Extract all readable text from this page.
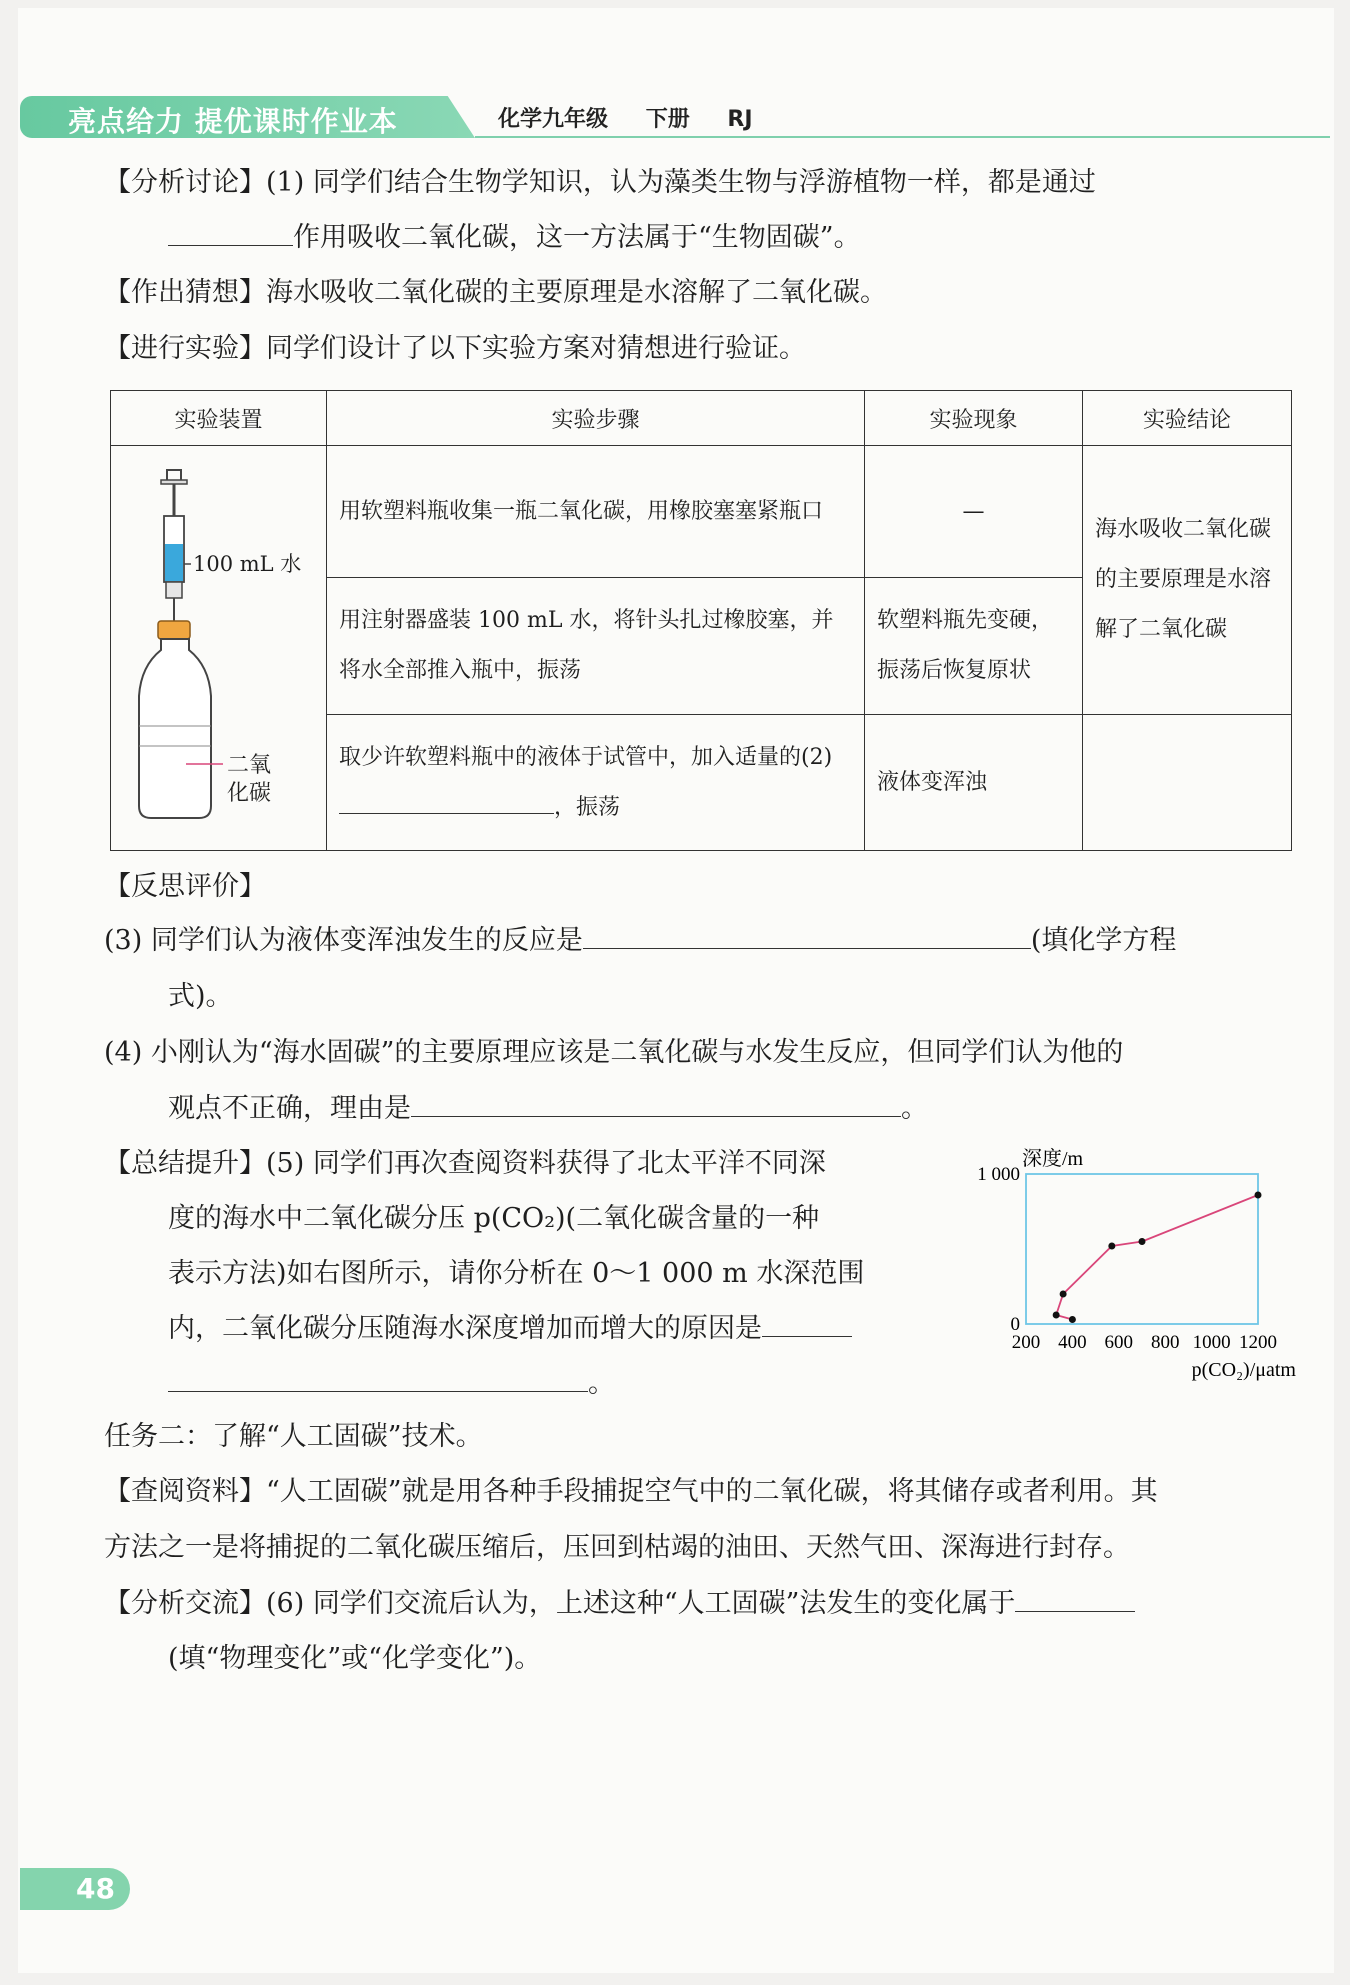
亮点给力 提优课时作业本	化学九年级 下册 RJ
【分析讨论】(1) 同学们结合生物学知识，认为藻类生物与浮游植物一样，都是通过
作用吸收二氧化碳，这一方法属于“生物固碳”。
【作出猜想】海水吸收二氧化碳的主要原理是水溶解了二氧化碳。
【进行实验】同学们设计了以下实验方案对猜想进行验证。
实验装置	实验步骤	实验现象	实验结论

100 mL 水
二氧
化碳	用软塑料瓶收集一瓶二氧化碳，用橡胶塞塞紧瓶口	—	海水吸收二氧化碳的主要原理是水溶解了二氧化碳
	用注射器盛装 100 mL 水，将针头扎过橡胶塞，并将水全部推入瓶中，振荡	软塑料瓶先变硬，振荡后恢复原状	
	取少许软塑料瓶中的液体于试管中，加入适量的(2)，振荡	液体变浑浊	
【反思评价】
(3) 同学们认为液体变浑浊发生的反应是	(填化学方程
式)。
(4) 小刚认为“海水固碳”的主要原理应该是二氧化碳与水发生反应，但同学们认为他的
观点不正确，理由是	。
【总结提升】(5) 同学们再次查阅资料获得了北太平洋不同深
度的海水中二氧化碳分压 p(CO₂)(二氧化碳含量的一种
表示方法)如右图所示，请你分析在 0～1 000 m 水深范围
内，二氧化碳分压随海水深度增加而增大的原因是
。
深度/m
p(CO₂)/μatm
200 400 600 800 1000 1200
0
1 000
任务二：了解“人工固碳”技术。
【查阅资料】“人工固碳”就是用各种手段捕捉空气中的二氧化碳，将其储存或者利用。其
方法之一是将捕捉的二氧化碳压缩后，压回到枯竭的油田、天然气田、深海进行封存。
【分析交流】(6) 同学们交流后认为，上述这种“人工固碳”法发生的变化属于
(填“物理变化”或“化学变化”)。
48
